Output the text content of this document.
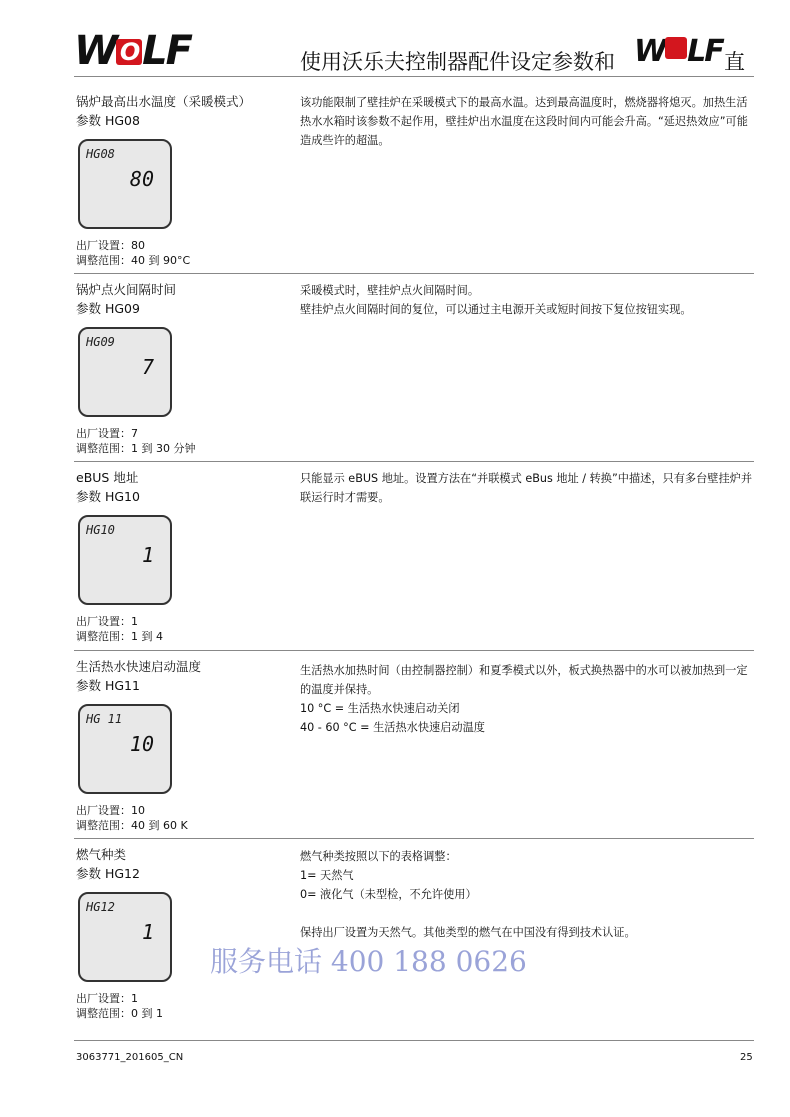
W OLF	使用沃乐夫控制器配件设定参数和 W LF 直
锅炉最高出水温度（采暖模式）
参数 HG08
HG08
80
出厂设置：80
调整范围：40 到 90°C

该功能限制了壁挂炉在采暖模式下的最高水温。达到最高温度时，燃烧器将熄灭。加热生活热水水箱时该参数不起作用，壁挂炉出水温度在这段时间内可能会升高。“延迟热效应”可能造成些许的超温。

锅炉点火间隔时间
参数 HG09
HG09
7
出厂设置：7
调整范围：1 到 30 分钟

采暖模式时，壁挂炉点火间隔时间。

壁挂炉点火间隔时间的复位，可以通过主电源开关或短时间按下复位按钮实现。

eBUS 地址
参数 HG10
HG10
1
出厂设置：1
调整范围：1 到 4

只能显示 eBUS 地址。设置方法在“并联模式 eBus 地址 / 转换”中描述，只有多台壁挂炉并联运行时才需要。

生活热水快速启动温度
参数 HG11
HG 11
10
出厂设置：10
调整范围：40 到 60 K

生活热水加热时间（由控制器控制）和夏季模式以外，板式换热器中的水可以被加热到一定的温度并保持。

10 °C = 生活热水快速启动关闭

40 - 60 °C = 生活热水快速启动温度

燃气种类
参数 HG12
HG12
1
出厂设置：1
调整范围：0 到 1

燃气种类按照以下的表格调整：

1= 天然气

0= 液化气（未型检，不允许使用）

保持出厂设置为天然气。其他类型的燃气在中国没有得到技术认证。

服务电话 400 188 0626
3063771_201605_CN	25
